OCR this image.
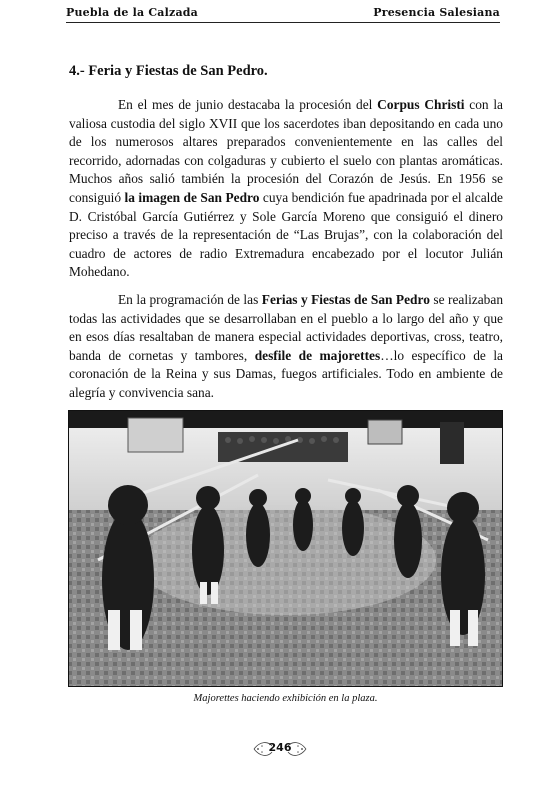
Puebla de la Calzada	Presencia Salesiana
4.- Feria y Fiestas de San Pedro.

En el mes de junio destacaba la procesión del Corpus Christi con la valiosa custodia del siglo XVII que los sacerdotes iban depositando en cada uno de los numerosos altares preparados convenientemente en las calles del recorrido, adornadas con colgaduras y cubierto el suelo con plantas aromáticas. Muchos años salió también la procesión del Corazón de Jesús. En 1956 se consiguió la imagen de San Pedro cuya bendición fue apadrinada por el alcalde D. Cristóbal García Gutiérrez y Sole García Moreno que consiguió el dinero preciso a través de la representación de “Las Brujas”, con la colaboración del cuadro de actores de radio Extremadura encabezado por el locutor Julián Mohedano.

En la programación de las Ferias y Fiestas de San Pedro se realizaban todas las actividades que se desarrollaban en el pueblo a lo largo del año y que en esos días resaltaban de manera especial actividades deportivas, cross, teatro, banda de cornetas y tambores, desfile de majorettes…lo específico de la coronación de la Reina y sus Damas, fuegos artificiales. Todo en ambiente de alegría y convivencia sana.

Majorettes haciendo exhibición en la plaza.
246
